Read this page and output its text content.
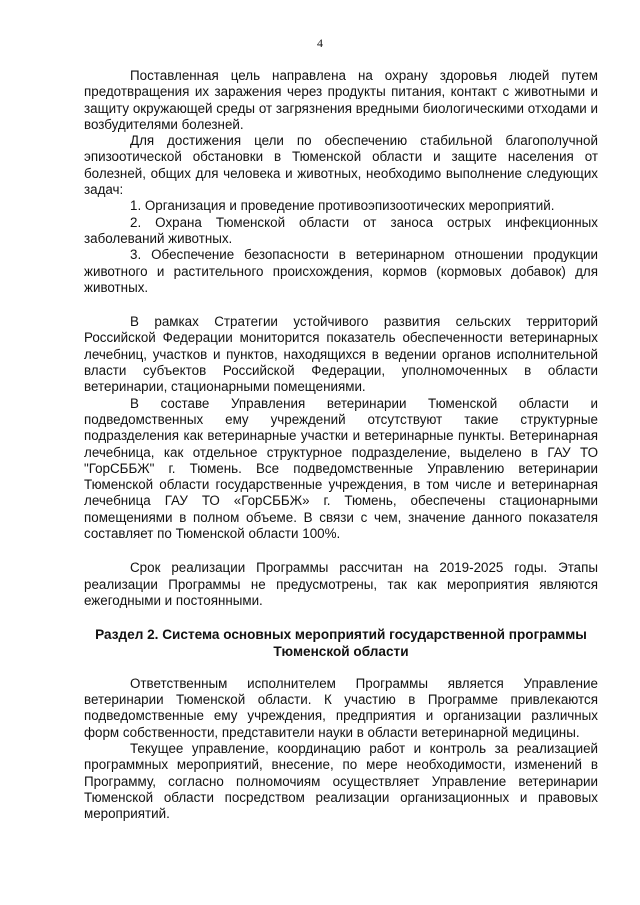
4

Поставленная цель направлена на охрану здоровья людей путем предотвращения их заражения через продукты питания, контакт с животными и защиту окружающей среды от загрязнения вредными биологическими отходами и возбудителями болезней.

Для достижения цели по обеспечению стабильной благополучной эпизоотической обстановки в Тюменской области и защите населения от болезней, общих для человека и животных, необходимо выполнение следующих задач:

1. Организация и проведение противоэпизоотических мероприятий.

2. Охрана Тюменской области от заноса острых инфекционных заболеваний животных.

3. Обеспечение безопасности в ветеринарном отношении продукции животного и растительного происхождения, кормов (кормовых добавок) для животных.

В рамках Стратегии устойчивого развития сельских территорий Российской Федерации мониторится показатель обеспеченности ветеринарных лечебниц, участков и пунктов, находящихся в ведении органов исполнительной власти субъектов Российской Федерации, уполномоченных в области ветеринарии, стационарными помещениями.

В составе Управления ветеринарии Тюменской области и подведомственных ему учреждений отсутствуют такие структурные подразделения как ветеринарные участки и ветеринарные пункты. Ветеринарная лечебница, как отдельное структурное подразделение, выделено в ГАУ ТО "ГорСББЖ" г. Тюмень. Все подведомственные Управлению ветеринарии Тюменской области государственные учреждения, в том числе и ветеринарная лечебница ГАУ ТО «ГорСББЖ» г. Тюмень, обеспечены стационарными помещениями в полном объеме. В связи с чем, значение данного показателя составляет по Тюменской области 100%.

Срок реализации Программы рассчитан на 2019-2025 годы. Этапы реализации Программы не предусмотрены, так как мероприятия являются ежегодными и постоянными.

Раздел 2. Система основных мероприятий государственной программы Тюменской области

Ответственным исполнителем Программы является Управление ветеринарии Тюменской области. К участию в Программе привлекаются подведомственные ему учреждения, предприятия и организации различных форм собственности, представители науки в области ветеринарной медицины.

Текущее управление, координацию работ и контроль за реализацией программных мероприятий, внесение, по мере необходимости, изменений в Программу, согласно полномочиям осуществляет Управление ветеринарии Тюменской области посредством реализации организационных и правовых мероприятий.
